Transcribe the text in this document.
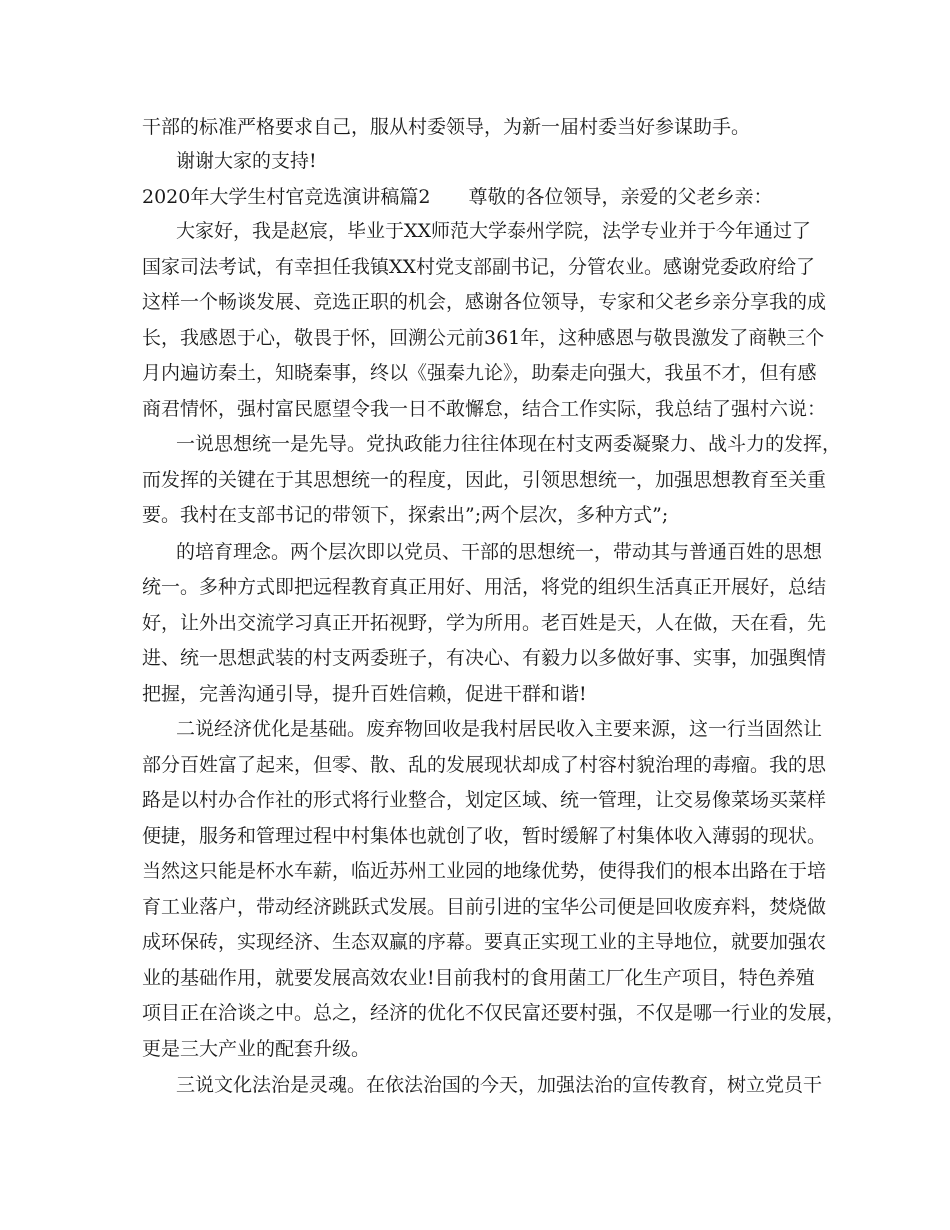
干部的标准严格要求自己，服从村委领导，为新一届村委当好参谋助手。
谢谢大家的支持!
2020年大学生村官竞选演讲稿篇2　　尊敬的各位领导，亲爱的父老乡亲：
大家好，我是赵宸，毕业于XX师范大学泰州学院，法学专业并于今年通过了
国家司法考试，有幸担任我镇XX村党支部副书记，分管农业。感谢党委政府给了
这样一个畅谈发展、竞选正职的机会，感谢各位领导，专家和父老乡亲分享我的成
长，我感恩于心，敬畏于怀，回溯公元前361年，这种感恩与敬畏激发了商鞅三个
月内遍访秦土，知晓秦事，终以《强秦九论》，助秦走向强大，我虽不才，但有感
商君情怀，强村富民愿望令我一日不敢懈怠，结合工作实际，我总结了强村六说：
一说思想统一是先导。党执政能力往往体现在村支两委凝聚力、战斗力的发挥，
而发挥的关键在于其思想统一的程度，因此，引领思想统一，加强思想教育至关重
要。我村在支部书记的带领下，探索出”;两个层次，多种方式”;
的培育理念。两个层次即以党员、干部的思想统一，带动其与普通百姓的思想
统一。多种方式即把远程教育真正用好、用活，将党的组织生活真正开展好，总结
好，让外出交流学习真正开拓视野，学为所用。老百姓是天，人在做，天在看，先
进、统一思想武装的村支两委班子，有决心、有毅力以多做好事、实事，加强舆情
把握，完善沟通引导，提升百姓信赖，促进干群和谐!
二说经济优化是基础。废弃物回收是我村居民收入主要来源，这一行当固然让
部分百姓富了起来，但零、散、乱的发展现状却成了村容村貌治理的毒瘤。我的思
路是以村办合作社的形式将行业整合，划定区域、统一管理，让交易像菜场买菜样
便捷，服务和管理过程中村集体也就创了收，暂时缓解了村集体收入薄弱的现状。
当然这只能是杯水车薪，临近苏州工业园的地缘优势，使得我们的根本出路在于培
育工业落户，带动经济跳跃式发展。目前引进的宝华公司便是回收废弃料，焚烧做
成环保砖，实现经济、生态双赢的序幕。要真正实现工业的主导地位，就要加强农
业的基础作用，就要发展高效农业!目前我村的食用菌工厂化生产项目，特色养殖
项目正在洽谈之中。总之，经济的优化不仅民富还要村强，不仅是哪一行业的发展，
更是三大产业的配套升级。
三说文化法治是灵魂。在依法治国的今天，加强法治的宣传教育，树立党员干
